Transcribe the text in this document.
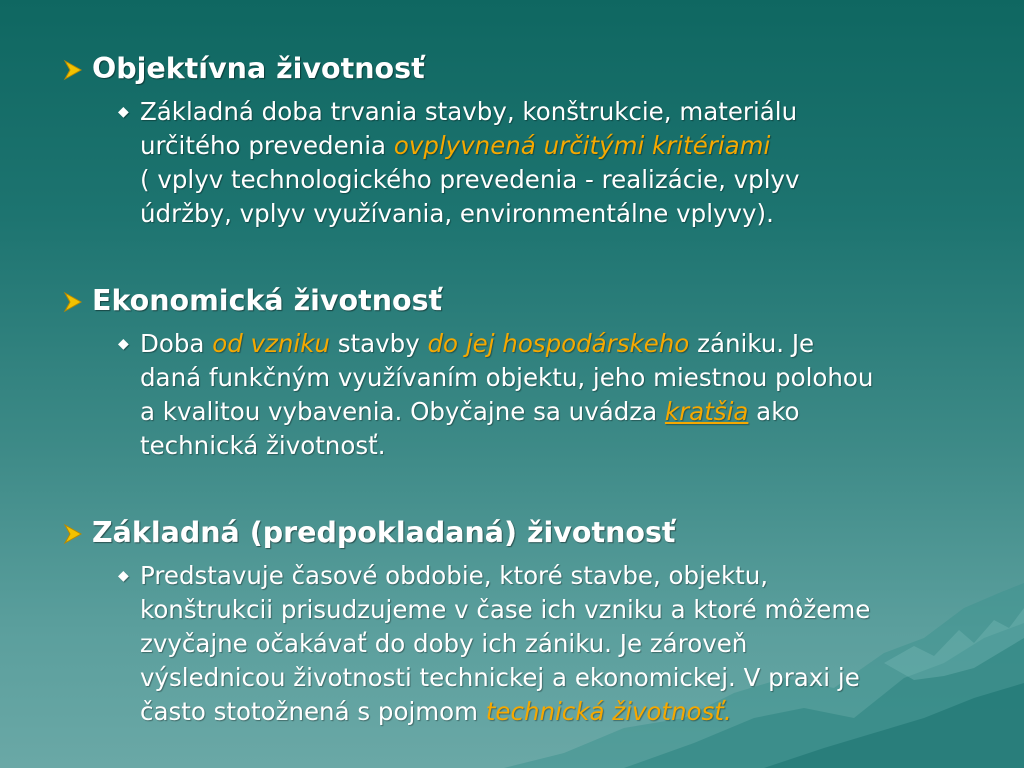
Objektívna životnosť
◆ Základná doba trvania stavby, konštrukcie, materiálu

určitého prevedenia ovplyvnená určitými kritériami

( vplyv technologického prevedenia - realizácie, vplyv

údržby, vplyv využívania, environmentálne vplyvy).

Ekonomická životnosť
◆ Doba od vzniku stavby do jej hospodárskeho zániku. Je

daná funkčným využívaním objektu, jeho miestnou polohou

a kvalitou vybavenia. Obyčajne sa uvádza kratšia ako

technická životnosť.

Základná (predpokladaná) životnosť
◆ Predstavuje časové obdobie, ktoré stavbe, objektu,

konštrukcii prisudzujeme v čase ich vzniku a ktoré môžeme

zvyčajne očakávať do doby ich zániku. Je zároveň

výslednicou životnosti technickej a ekonomickej. V praxi je

často stotožnená s pojmom technická životnosť.
